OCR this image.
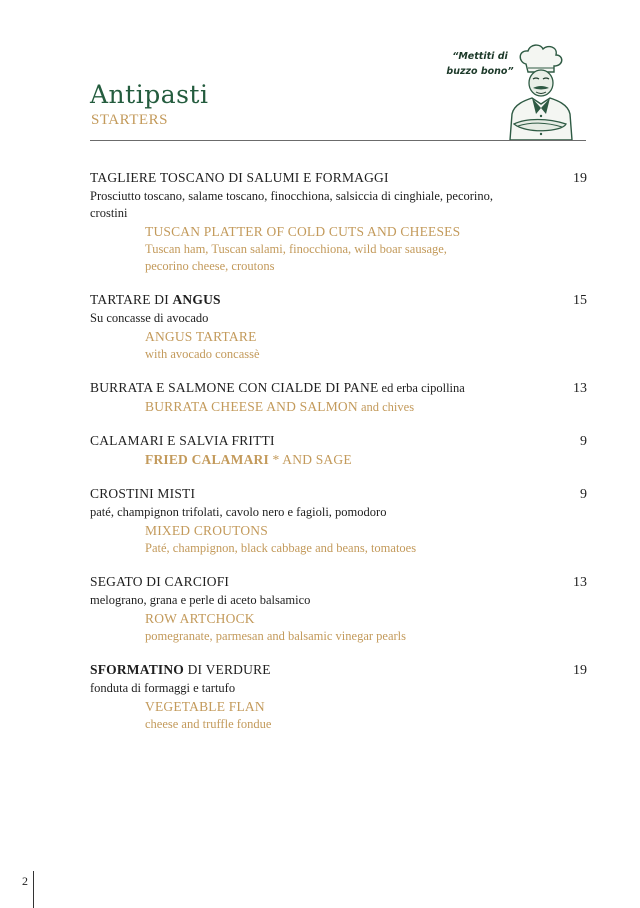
Antipasti
STARTERS
“Mettiti di buzzo bono”
TAGLIERE TOSCANO DI SALUMI E FORMAGGI	19
Prosciutto toscano, salame toscano, finocchiona, salsiccia di cinghiale, pecorino, crostini
TUSCAN PLATTER OF COLD CUTS AND CHEESES
Tuscan ham, Tuscan salami, finocchiona, wild boar sausage, pecorino cheese, croutons
TARTARE DI ANGUS	15
Su concasse di avocado
ANGUS TARTARE
with avocado concassè
BURRATA E SALMONE CON CIALDE DI PANE ed erba cipollina	13
BURRATA CHEESE AND SALMON and chives
CALAMARI E SALVIA FRITTI	9
FRIED CALAMARI * AND SAGE
CROSTINI MISTI	9
paté, champignon trifolati, cavolo nero e fagioli, pomodoro
MIXED CROUTONS
Paté, champignon, black cabbage and beans, tomatoes
SEGATO DI CARCIOFI	13
melograno, grana e perle di aceto balsamico
ROW ARTCHOCK
pomegranate, parmesan and balsamic vinegar pearls
SFORMATINO DI VERDURE	19
fonduta di formaggi e tartufo
VEGETABLE FLAN
cheese and truffle fondue
2
